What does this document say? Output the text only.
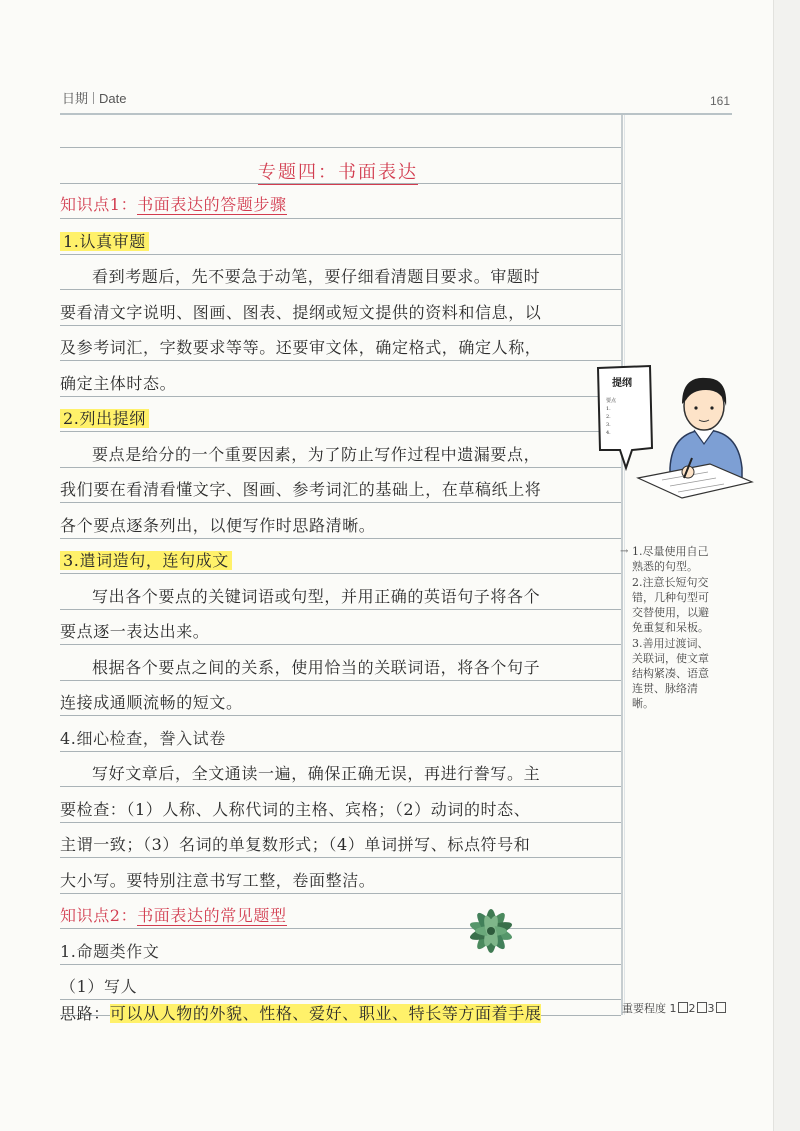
日期 Date	161
专题四：书面表达
知识点1：书面表达的答题步骤
1.认真审题
看到考题后，先不要急于动笔，要仔细看清题目要求。审题时
要看清文字说明、图画、图表、提纲或短文提供的资料和信息，以
及参考词汇，字数要求等等。还要审文体，确定格式，确定人称，
确定主体时态。
2.列出提纲
要点是给分的一个重要因素，为了防止写作过程中遗漏要点，
我们要在看清看懂文字、图画、参考词汇的基础上，在草稿纸上将
各个要点逐条列出，以便写作时思路清晰。
3.遣词造句，连句成文
写出各个要点的关键词语或句型，并用正确的英语句子将各个
要点逐一表达出来。
根据各个要点之间的关系，使用恰当的关联词语，将各个句子
连接成通顺流畅的短文。
4.细心检查，誊入试卷
写好文章后，全文通读一遍，确保正确无误，再进行誊写。主
要检查：（1）人称、人称代词的主格、宾格；（2）动词的时态、
主谓一致；（3）名词的单复数形式；（4）单词拼写、标点符号和
大小写。要特别注意书写工整，卷面整洁。
知识点2：书面表达的常见题型
1.命题类作文
（1）写人
思路：可以从人物的外貌、性格、爱好、职业、特长等方面着手展
提纲
要点
1.
2.
3.
4.
→ 1.尽量使用自己熟悉的句型。
2.注意长短句交错，几种句型可交替使用，以避免重复和呆板。
3.善用过渡词、关联词，使文章结构紧凑、语意连贯、脉络清晰。
重要程度 1 2 3
